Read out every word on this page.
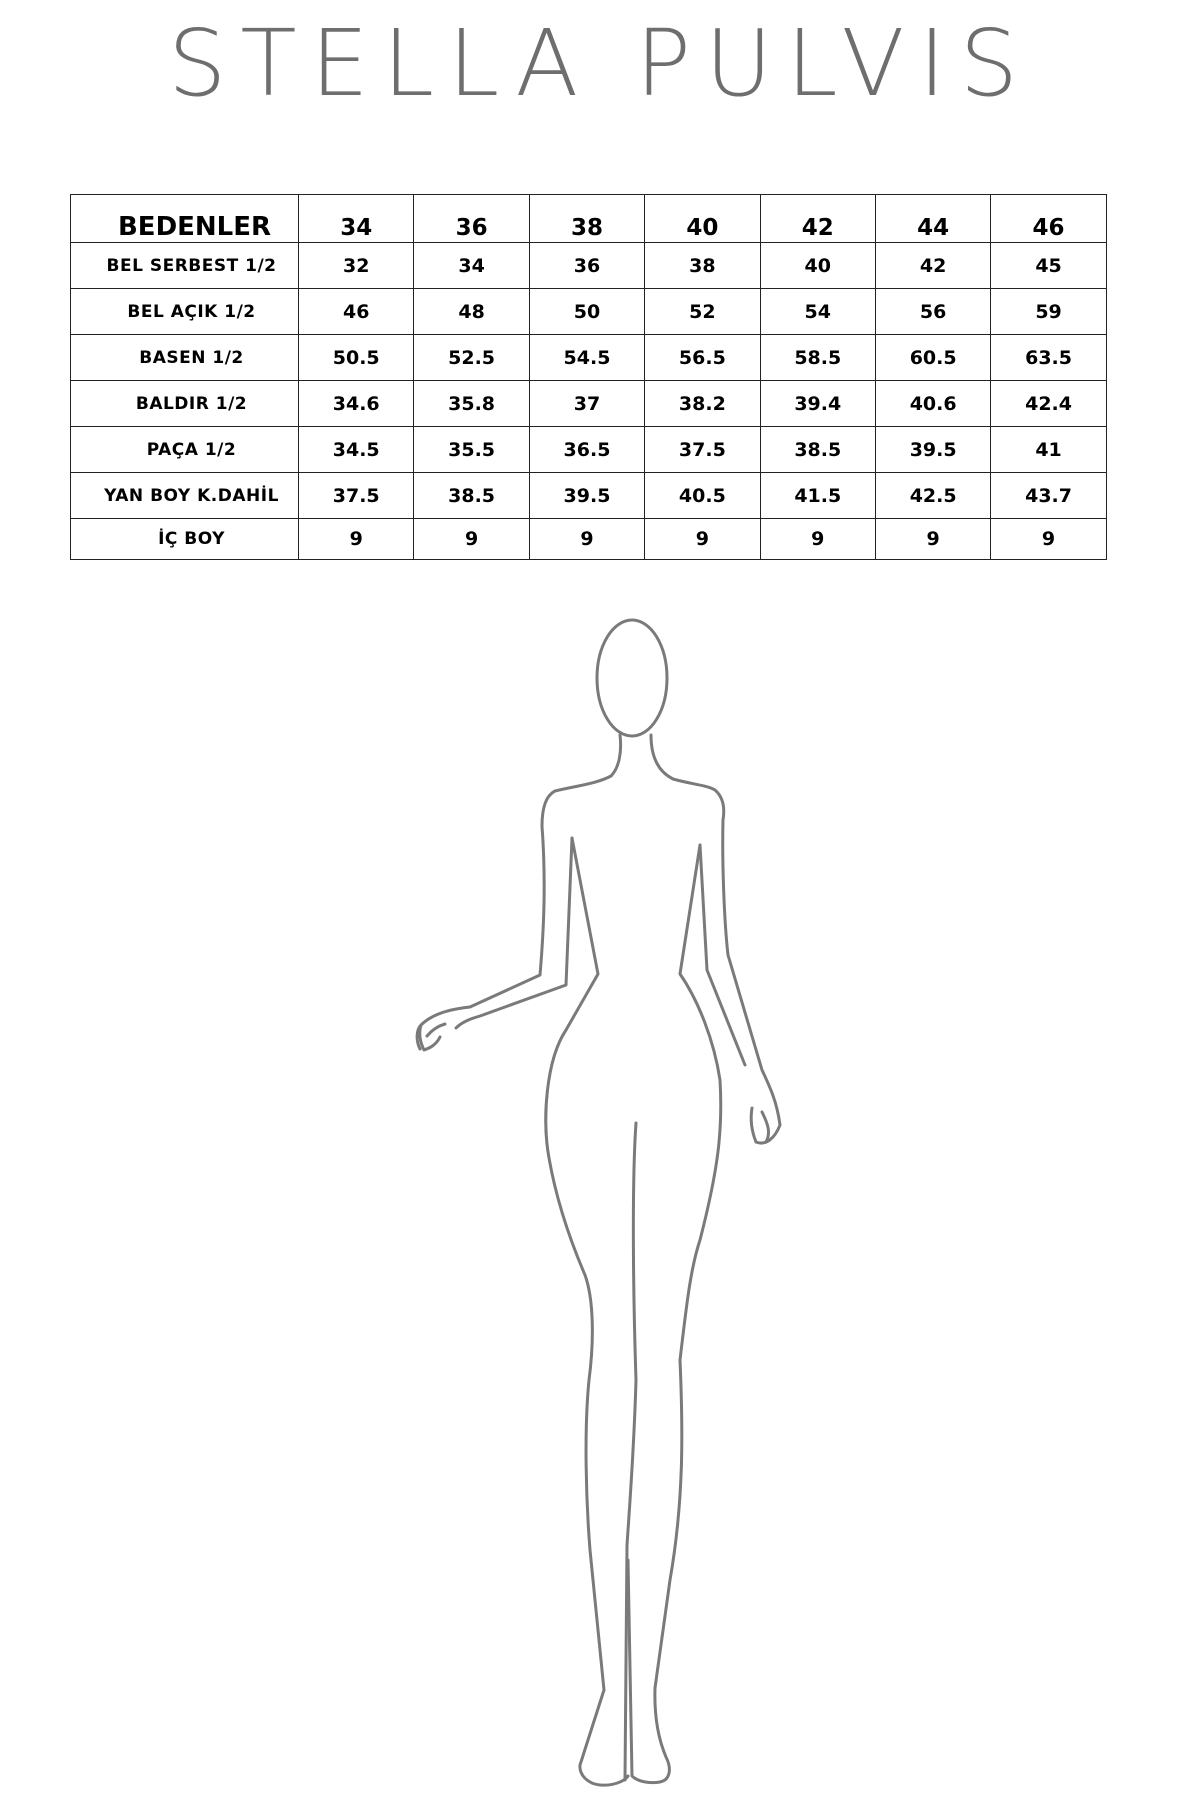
STELLA PULVIS
BEDENLER	34	36	38	40	42	44	46
BEL SERBEST 1/2	32	34	36	38	40	42	45
BEL AÇIK 1/2	46	48	50	52	54	56	59
BASEN 1/2	50.5	52.5	54.5	56.5	58.5	60.5	63.5
BALDIR 1/2	34.6	35.8	37	38.2	39.4	40.6	42.4
PAÇA 1/2	34.5	35.5	36.5	37.5	38.5	39.5	41
YAN BOY K.DAHİL	37.5	38.5	39.5	40.5	41.5	42.5	43.7
İÇ BOY	9	9	9	9	9	9	9
